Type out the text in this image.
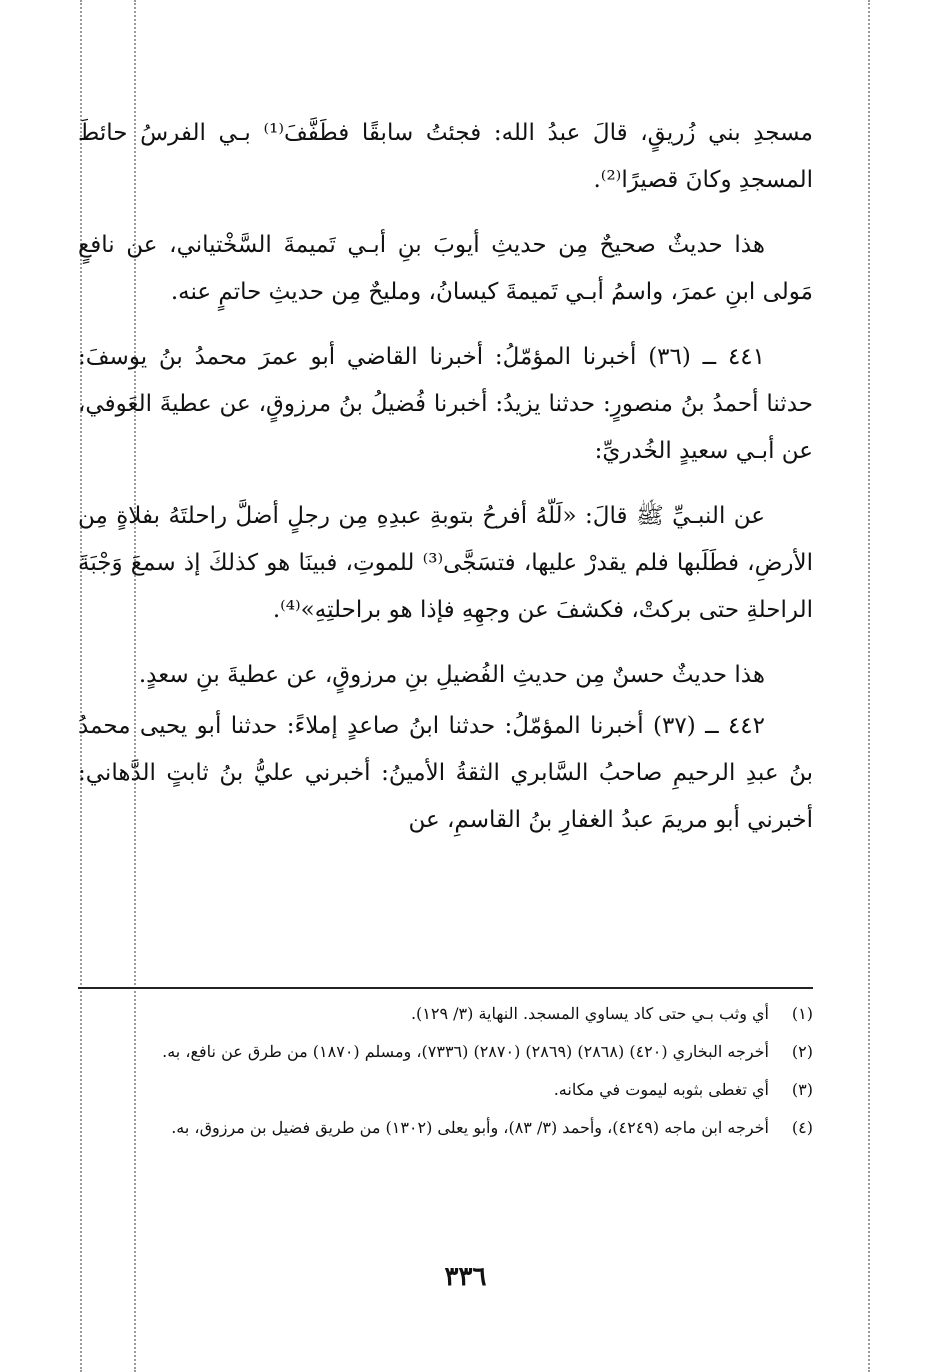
مسجدِ بني زُريقٍ، قالَ عبدُ الله: فجئتُ سابقًا فطَفَّفَ⁽¹⁾ بـي الفرسُ حائطَ المسجدِ وكانَ قصيرًا⁽²⁾.

هذا حديثٌ صحيحٌ مِن حديثِ أيوبَ بنِ أبـي تَميمةَ السَّخْتياني، عن نافعٍ مَولى ابنِ عمرَ، واسمُ أبـي تَميمةَ كيسانُ، ومليحٌ مِن حديثِ حاتمٍ عنه.

٤٤١ ــ (٣٦) أخبرنا المؤمّلُ: أخبرنا القاضي أبو عمرَ محمدُ بنُ يوسفَ: حدثنا أحمدُ بنُ منصورٍ: حدثنا يزيدُ: أخبرنا فُضيلُ بنُ مرزوقٍ، عن عطيةَ العَوفي، عن أبـي سعيدٍ الخُدريِّ:

عن النبـيِّ ﷺ قالَ: «لَلّهُ أفرحُ بتوبةِ عبدِهِ مِن رجلٍ أضلَّ راحلتَهُ بفلاةٍ مِن الأرضِ، فطَلَبها فلم يقدرْ عليها، فتسَجَّى⁽³⁾ للموتِ، فبينَا هو كذلكَ إذ سمعَ وَجْبَةَ الراحلةِ حتى بركتْ، فكشفَ عن وجهِهِ فإذا هو براحلتِهِ»⁽⁴⁾.

هذا حديثٌ حسنٌ مِن حديثِ الفُضيلِ بنِ مرزوقٍ، عن عطيةَ بنِ سعدٍ.

٤٤٢ ــ (٣٧) أخبرنا المؤمّلُ: حدثنا ابنُ صاعدٍ إملاءً: حدثنا أبو يحيى محمدُ بنُ عبدِ الرحيمِ صاحبُ السَّابري الثقةُ الأمينُ: أخبرني عليُّ بنُ ثابتٍ الدَّهاني: أخبرني أبو مريمَ عبدُ الغفارِ بنُ القاسمِ، عن

(١)
أي وثب بـي حتى كاد يساوي المسجد. النهاية (٣/ ١٢٩).
(٢)
أخرجه البخاري (٤٢٠) (٢٨٦٨) (٢٨٦٩) (٢٨٧٠) (٧٣٣٦)، ومسلم (١٨٧٠) من طرق عن نافع، به.
(٣)
أي تغطى بثوبه ليموت في مكانه.
(٤)
أخرجه ابن ماجه (٤٢٤٩)، وأحمد (٣/ ٨٣)، وأبو يعلى (١٣٠٢) من طريق فضيل بن مرزوق، به.
٣٣٦
